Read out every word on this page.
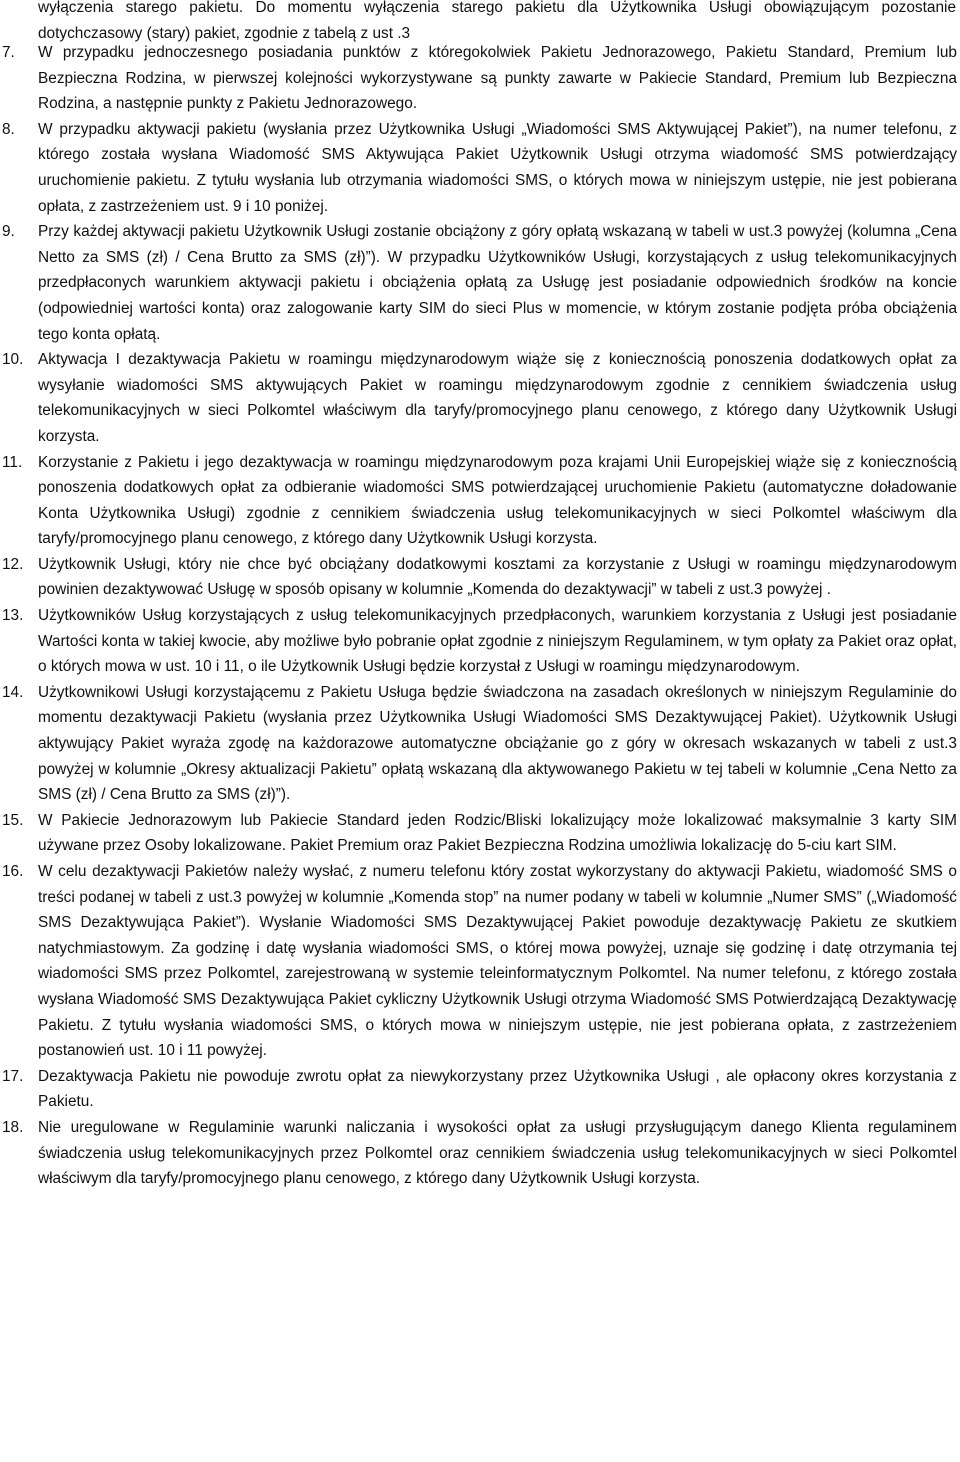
wyłączenia starego pakietu. Do momentu wyłączenia starego pakietu dla Użytkownika Usługi obowiązującym pozostanie dotychczasowy (stary) pakiet, zgodnie z tabelą z ust .3
7.	W przypadku jednoczesnego posiadania punktów z któregokolwiek Pakietu Jednorazowego, Pakietu Standard, Premium lub Bezpieczna Rodzina, w pierwszej kolejności wykorzystywane są punkty zawarte w Pakiecie Standard, Premium lub Bezpieczna Rodzina, a następnie punkty z Pakietu Jednorazowego.
8.	W przypadku aktywacji pakietu (wysłania przez Użytkownika Usługi „Wiadomości SMS Aktywującej Pakiet”), na numer telefonu, z którego została wysłana Wiadomość SMS Aktywująca Pakiet Użytkownik Usługi otrzyma wiadomość SMS potwierdzający uruchomienie pakietu. Z tytułu wysłania lub otrzymania wiadomości SMS, o których mowa w niniejszym ustępie, nie jest pobierana opłata, z zastrzeżeniem ust. 9 i 10 poniżej.
9.	Przy każdej aktywacji pakietu Użytkownik Usługi zostanie obciążony z góry opłatą wskazaną w tabeli w ust.3 powyżej (kolumna „Cena Netto za SMS (zł) / Cena Brutto za SMS (zł)”). W przypadku Użytkowników Usługi, korzystających z usług telekomunikacyjnych przedpłaconych warunkiem aktywacji pakietu i obciążenia opłatą za Usługę jest posiadanie odpowiednich środków na koncie (odpowiedniej wartości konta) oraz zalogowanie karty SIM do sieci Plus w momencie, w którym zostanie podjęta próba obciążenia tego konta opłatą.
10. Aktywacja I dezaktywacja Pakietu w roamingu międzynarodowym wiąże się z koniecznością ponoszenia dodatkowych opłat za wysyłanie wiadomości SMS aktywujących Pakiet w roamingu międzynarodowym zgodnie z cennikiem świadczenia usług telekomunikacyjnych w sieci Polkomtel właściwym dla taryfy/promocyjnego planu cenowego, z którego dany Użytkownik Usługi korzysta.
11.	Korzystanie z Pakietu i jego dezaktywacja w roamingu międzynarodowym poza krajami Unii Europejskiej wiąże się z koniecznością ponoszenia dodatkowych opłat za odbieranie wiadomości SMS potwierdzającej uruchomienie Pakietu (automatyczne doładowanie Konta Użytkownika Usługi) zgodnie z cennikiem świadczenia usług telekomunikacyjnych w sieci Polkomtel właściwym dla taryfy/promocyjnego planu cenowego, z którego dany Użytkownik Usługi korzysta.
12. Użytkownik Usługi, który nie chce być obciążany dodatkowymi kosztami za korzystanie z Usługi w roamingu międzynarodowym powinien dezaktywować Usługę w sposób opisany w kolumnie „Komenda do dezaktywacji” w tabeli z ust.3 powyżej .
13. Użytkowników Usług korzystających z usług telekomunikacyjnych przedpłaconych, warunkiem korzystania z Usługi jest posiadanie Wartości konta w takiej kwocie, aby możliwe było pobranie opłat zgodnie z niniejszym Regulaminem, w tym opłaty za Pakiet oraz opłat, o których mowa w ust. 10 i 11, o ile Użytkownik Usługi będzie korzystał z Usługi w roamingu międzynarodowym.
14. Użytkownikowi Usługi korzystającemu z Pakietu Usługa będzie świadczona na zasadach określonych w niniejszym Regulaminie do momentu dezaktywacji Pakietu (wysłania przez Użytkownika Usługi Wiadomości SMS Dezaktywującej Pakiet). Użytkownik Usługi aktywujący Pakiet wyraża zgodę na każdorazowe automatyczne obciążanie go z góry w okresach wskazanych w tabeli z ust.3 powyżej w kolumnie „Okresy aktualizacji Pakietu” opłatą wskazaną dla aktywowanego Pakietu w tej tabeli w kolumnie „Cena Netto za SMS (zł) / Cena Brutto za SMS (zł)”).
15. W Pakiecie Jednorazowym lub Pakiecie Standard jeden Rodzic/Bliski lokalizujący może lokalizować maksymalnie 3 karty SIM używane przez Osoby lokalizowane. Pakiet Premium oraz Pakiet Bezpieczna Rodzina umożliwia lokalizację do 5-ciu kart SIM.
16. W celu dezaktywacji Pakietów należy wysłać, z numeru telefonu który zostat wykorzystany do aktywacji Pakietu, wiadomość SMS o treści podanej w tabeli z ust.3 powyżej w kolumnie „Komenda stop” na numer podany w tabeli w kolumnie „Numer SMS” („Wiadomość SMS Dezaktywująca Pakiet”). Wysłanie Wiadomości SMS Dezaktywującej Pakiet powoduje dezaktywację Pakietu ze skutkiem natychmiastowym. Za godzinę i datę wysłania wiadomości SMS, o której mowa powyżej, uznaje się godzinę i datę otrzymania tej wiadomości SMS przez Polkomtel, zarejestrowaną w systemie teleinformatycznym Polkomtel. Na numer telefonu, z którego została wysłana Wiadomość SMS Dezaktywująca Pakiet cykliczny Użytkownik Usługi otrzyma Wiadomość SMS Potwierdzającą Dezaktywację Pakietu. Z tytułu wysłania wiadomości SMS, o których mowa w niniejszym ustępie, nie jest pobierana opłata, z zastrzeżeniem postanowień ust. 10 i 11 powyżej.
17. Dezaktywacja Pakietu nie powoduje zwrotu opłat za niewykorzystany przez Użytkownika Usługi , ale opłacony okres korzystania z Pakietu.
18. Nie uregulowane w Regulaminie warunki naliczania i wysokości opłat za usługi przysługującym danego Klienta regulaminem świadczenia usług telekomunikacyjnych przez Polkomtel oraz cennikiem świadczenia usług telekomunikacyjnych w sieci Polkomtel właściwym dla taryfy/promocyjnego planu cenowego, z którego dany Użytkownik Usługi korzysta.
